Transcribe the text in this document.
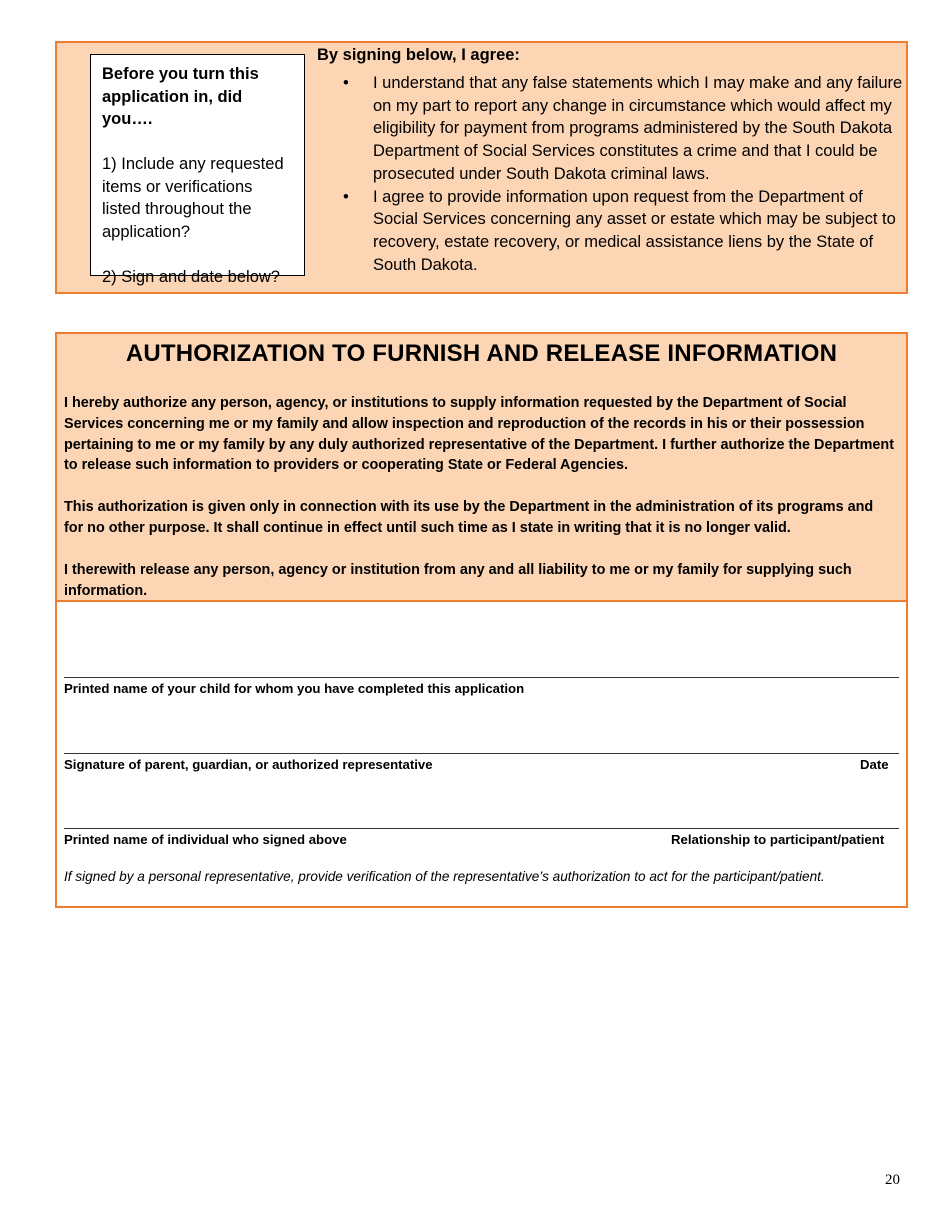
Before you turn this application in, did you….

1) Include any requested items or verifications listed throughout the application?

2) Sign and date below?

By signing below, I agree:
• I understand that any false statements which I may make and any failure on my part to report any change in circumstance which would affect my eligibility for payment from programs administered by the South Dakota Department of Social Services constitutes a crime and that I could be prosecuted under South Dakota criminal laws.
• I agree to provide information upon request from the Department of Social Services concerning any asset or estate which may be subject to recovery, estate recovery, or medical assistance liens by the State of South Dakota.
AUTHORIZATION TO FURNISH AND RELEASE INFORMATION
I hereby authorize any person, agency, or institutions to supply information requested by the Department of Social Services concerning me or my family and allow inspection and reproduction of the records in his or their possession pertaining to me or my family by any duly authorized representative of the Department. I further authorize the Department to release such information to providers or cooperating State or Federal Agencies.
This authorization is given only in connection with its use by the Department in the administration of its programs and for no other purpose. It shall continue in effect until such time as I state in writing that it is no longer valid.
I therewith release any person, agency or institution from any and all liability to me or my family for supplying such information.
Printed name of your child for whom you have completed this application
Signature of parent, guardian, or authorized representative	Date
Printed name of individual who signed above	Relationship to participant/patient
If signed by a personal representative, provide verification of the representative’s authorization to act for the participant/patient.
20
